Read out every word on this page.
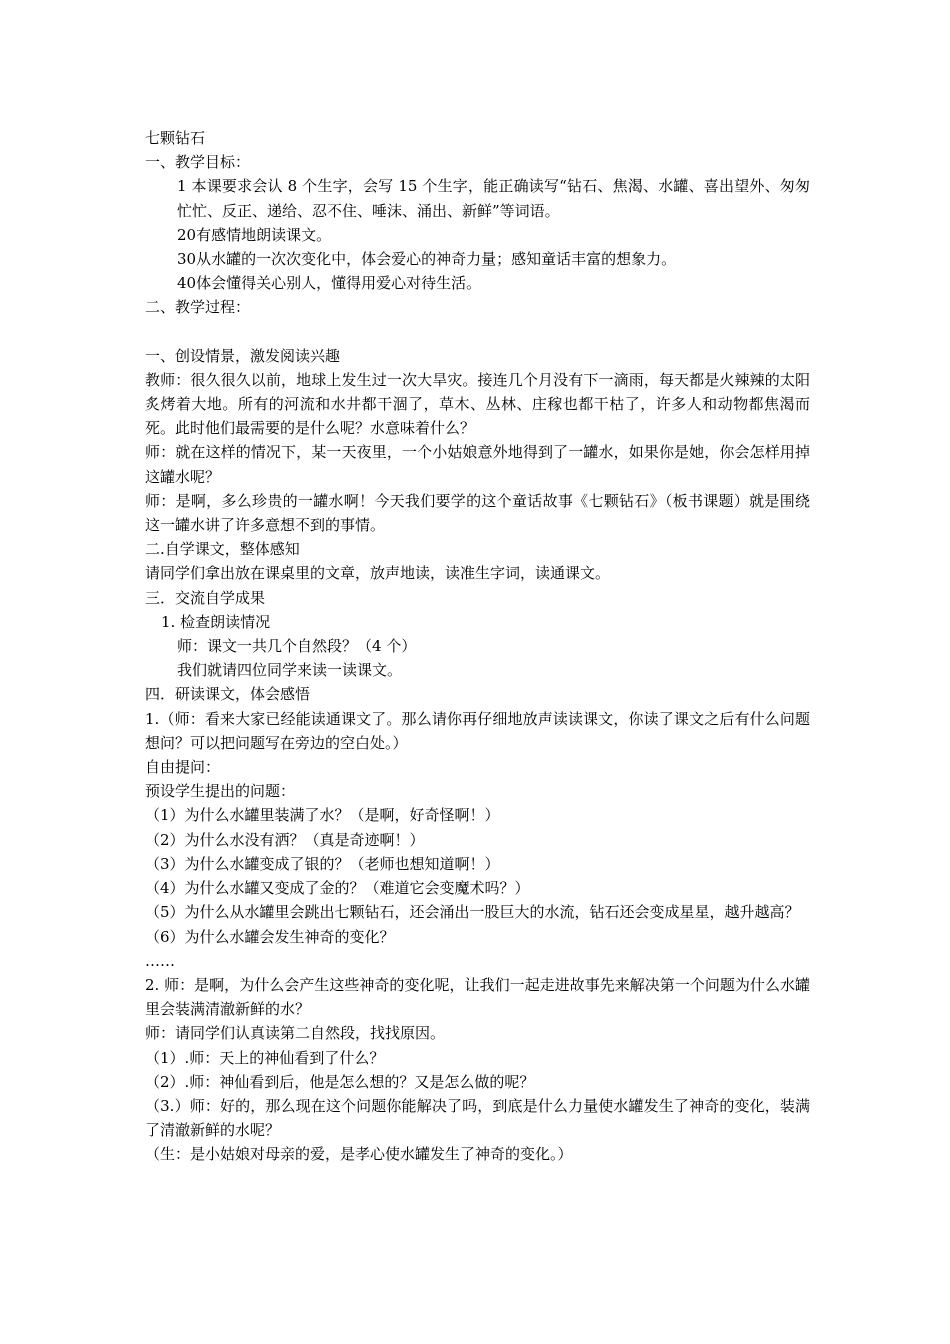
七颗钻石
一、教学目标：
1 本课要求会认 8 个生字，会写 15 个生字，能正确读写“钻石、焦渴、水罐、喜出望外、匆匆忙忙、反正、递给、忍不住、唾沫、涌出、新鲜”等词语。
20有感情地朗读课文。
30从水罐的一次次变化中，体会爱心的神奇力量；感知童话丰富的想象力。
40体会懂得关心别人，懂得用爱心对待生活。
二、教学过程：
一、创设情景，激发阅读兴趣
教师：很久很久以前，地球上发生过一次大旱灾。接连几个月没有下一滴雨，每天都是火辣辣的太阳炙烤着大地。所有的河流和水井都干涸了，草木、丛林、庄稼也都干枯了，许多人和动物都焦渴而死。此时他们最需要的是什么呢？水意味着什么？
师：就在这样的情况下，某一天夜里，一个小姑娘意外地得到了一罐水，如果你是她，你会怎样用掉这罐水呢？
师：是啊，多么珍贵的一罐水啊！今天我们要学的这个童话故事《七颗钻石》（板书课题）就是围绕这一罐水讲了许多意想不到的事情。
二.自学课文，整体感知
请同学们拿出放在课桌里的文章，放声地读，读准生字词，读通课文。
三．交流自学成果
1. 检查朗读情况
师：课文一共几个自然段？（4 个）
我们就请四位同学来读一读课文。
四．研读课文，体会感悟
1.（师：看来大家已经能读通课文了。那么请你再仔细地放声读读课文，你读了课文之后有什么问题想问？可以把问题写在旁边的空白处。）
自由提问：
预设学生提出的问题：
（1）为什么水罐里装满了水？（是啊，好奇怪啊！）
（2）为什么水没有洒？（真是奇迹啊！）
（3）为什么水罐变成了银的？（老师也想知道啊！）
（4）为什么水罐又变成了金的？（难道它会变魔术吗？）
（5）为什么从水罐里会跳出七颗钻石，还会涌出一股巨大的水流，钻石还会变成星星，越升越高？
（6）为什么水罐会发生神奇的变化？
……
2. 师：是啊，为什么会产生这些神奇的变化呢，让我们一起走进故事先来解决第一个问题为什么水罐里会装满清澈新鲜的水？
师：请同学们认真读第二自然段，找找原因。
（1）.师：天上的神仙看到了什么？
（2）.师：神仙看到后，他是怎么想的？又是怎么做的呢？
（3.）师：好的，那么现在这个问题你能解决了吗，到底是什么力量使水罐发生了神奇的变化，装满了清澈新鲜的水呢？
（生：是小姑娘对母亲的爱，是孝心使水罐发生了神奇的变化。）
